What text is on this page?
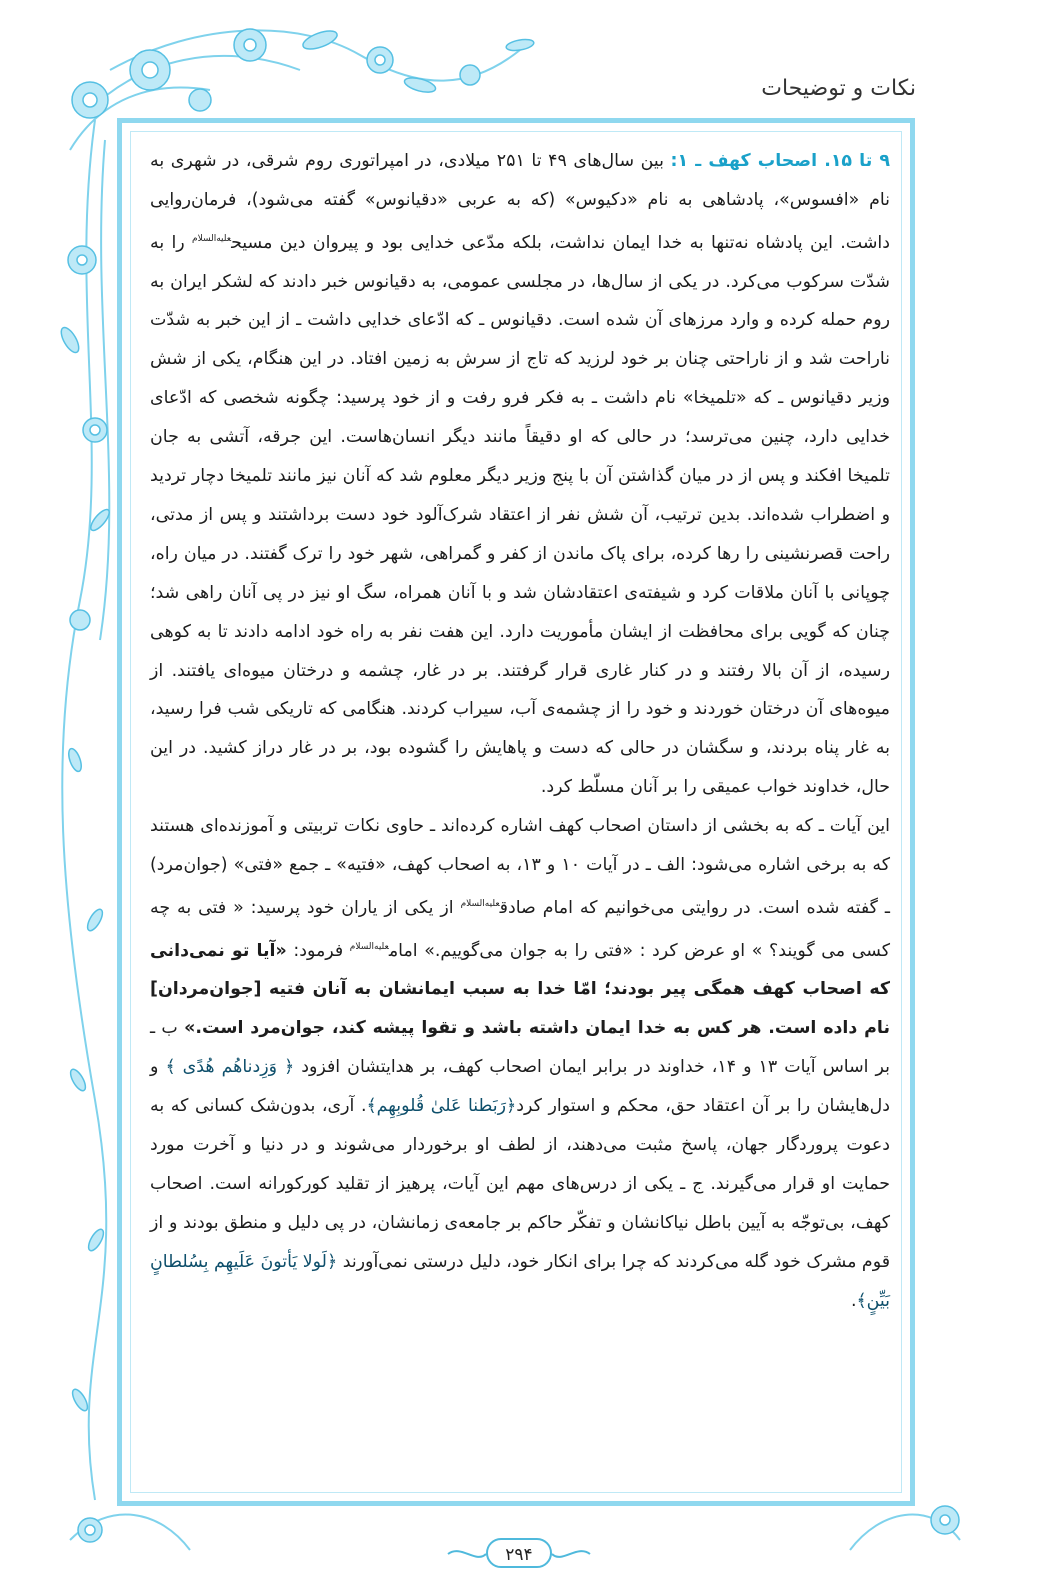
نکات و توضیحات

۹ تا ۱۵. اصحاب کهف ـ ۱: بین سال‌های ۴۹ تا ۲۵۱ میلادی، در امپراتوری روم شرقی، در شهری به نام «افسوس»، پادشاهی به نام «دکیوس» (که به عربی «دقیانوس» گفته می‌شود)، فرمان‌روایی داشت. این پادشاه نه‌تنها به خدا ایمان نداشت، بلکه مدّعی خدایی بود و پیروان دین مسیح$^{علیه‌السلام}$ را به شدّت سرکوب می‌کرد. در یکی از سال‌ها، در مجلسی عمومی، به دقیانوس خبر دادند که لشکر ایران به روم حمله کرده و وارد مرزهای آن شده است. دقیانوس ـ که ادّعای خدایی داشت ـ از این خبر به شدّت ناراحت شد و از ناراحتی چنان بر خود لرزید که تاج از سرش به زمین افتاد. در این هنگام، یکی از شش وزیر دقیانوس ـ که «تلمیخا» نام داشت ـ به فکر فرو رفت و از خود پرسید: چگونه شخصی که ادّعای خدایی دارد، چنین می‌ترسد؛ در حالی که او دقیقاً مانند دیگر انسان‌هاست. این جرقه، آتشی به جان تلمیخا افکند و پس از در میان گذاشتن آن با پنج وزیر دیگر معلوم شد که آنان نیز مانند تلمیخا دچار تردید و اضطراب شده‌اند. بدین ترتیب، آن شش نفر از اعتقاد شرک‌آلود خود دست برداشتند و پس از مدتی، راحت قصرنشینی را رها کرده، برای پاک ماندن از کفر و گمراهی، شهر خود را ترک گفتند. در میان راه، چوپانی با آنان ملاقات کرد و شیفته‌ی اعتقادشان شد و با آنان همراه، سگ او نیز در پی آنان راهی شد؛ چنان که گویی برای محافظت از ایشان مأموریت دارد. این هفت نفر به راه خود ادامه دادند تا به کوهی رسیده، از آن بالا رفتند و در کنار غاری قرار گرفتند. بر در غار، چشمه و درختان میوه‌ای یافتند. از میوه‌های آن درختان خوردند و خود را از چشمه‌ی آب، سیراب کردند. هنگامی که تاریکی شب فرا رسید، به غار پناه بردند، و سگشان در حالی که دست و پاهایش را گشوده بود، بر در غار دراز کشید. در این حال، خداوند خواب عمیقی را بر آنان مسلّط کرد.

این آیات ـ که به بخشی از داستان اصحاب کهف اشاره کرده‌اند ـ حاوی نکات تربیتی و آموزنده‌ای هستند که به برخی اشاره می‌شود: الف ـ در آیات ۱۰ و ۱۳، به اصحاب کهف، «فتیه» ـ جمع «فتی» (جوان‌مرد) ـ گفته شده است. در روایتی می‌خوانیم که امام صادق$^{علیه‌السلام}$ از یکی از یاران خود پرسید: « فتی به چه کسی می گویند؟ » او عرض کرد : «فتی را به جوان می‌گوییم.» امام$^{علیه‌السلام}$ فرمود: «آیا تو نمی‌دانی که اصحاب کهف همگی پیر بودند؛ امّا خدا به سبب ایمانشان به آنان فتیه [جوان‌مردان] نام داده است. هر کس به خدا ایمان داشته باشد و تقوا پیشه کند، جوان‌مرد است.» ب ـ بر اساس آیات ۱۳ و ۱۴، خداوند در برابر ایمان اصحاب کهف، بر هدایتشان افزود ﴿ وَزِدناهُم هُدًى ﴾ و دل‌هایشان را بر آن اعتقاد حق، محکم و استوار کرد﴿رَبَطنا عَلىٰ قُلوبِهِم﴾. آری، بدون‌شک کسانی که به دعوت پروردگار جهان، پاسخ مثبت می‌دهند، از لطف او برخوردار می‌شوند و در دنیا و آخرت مورد حمایت او قرار می‌گیرند. ج ـ یکی از درس‌های مهم این آیات، پرهیز از تقلید کورکورانه است. اصحاب کهف، بی‌توجّه به آیین باطل نیاکانشان و تفکّر حاکم بر جامعه‌ی زمانشان، در پی دلیل و منطق بودند و از قوم مشرک خود گله می‌کردند که چرا برای انکار خود، دلیل درستی نمی‌آورند ﴿لَولا يَأتونَ عَلَيهِم بِسُلطانٍ بَيِّنٍ﴾.

۲۹۴
